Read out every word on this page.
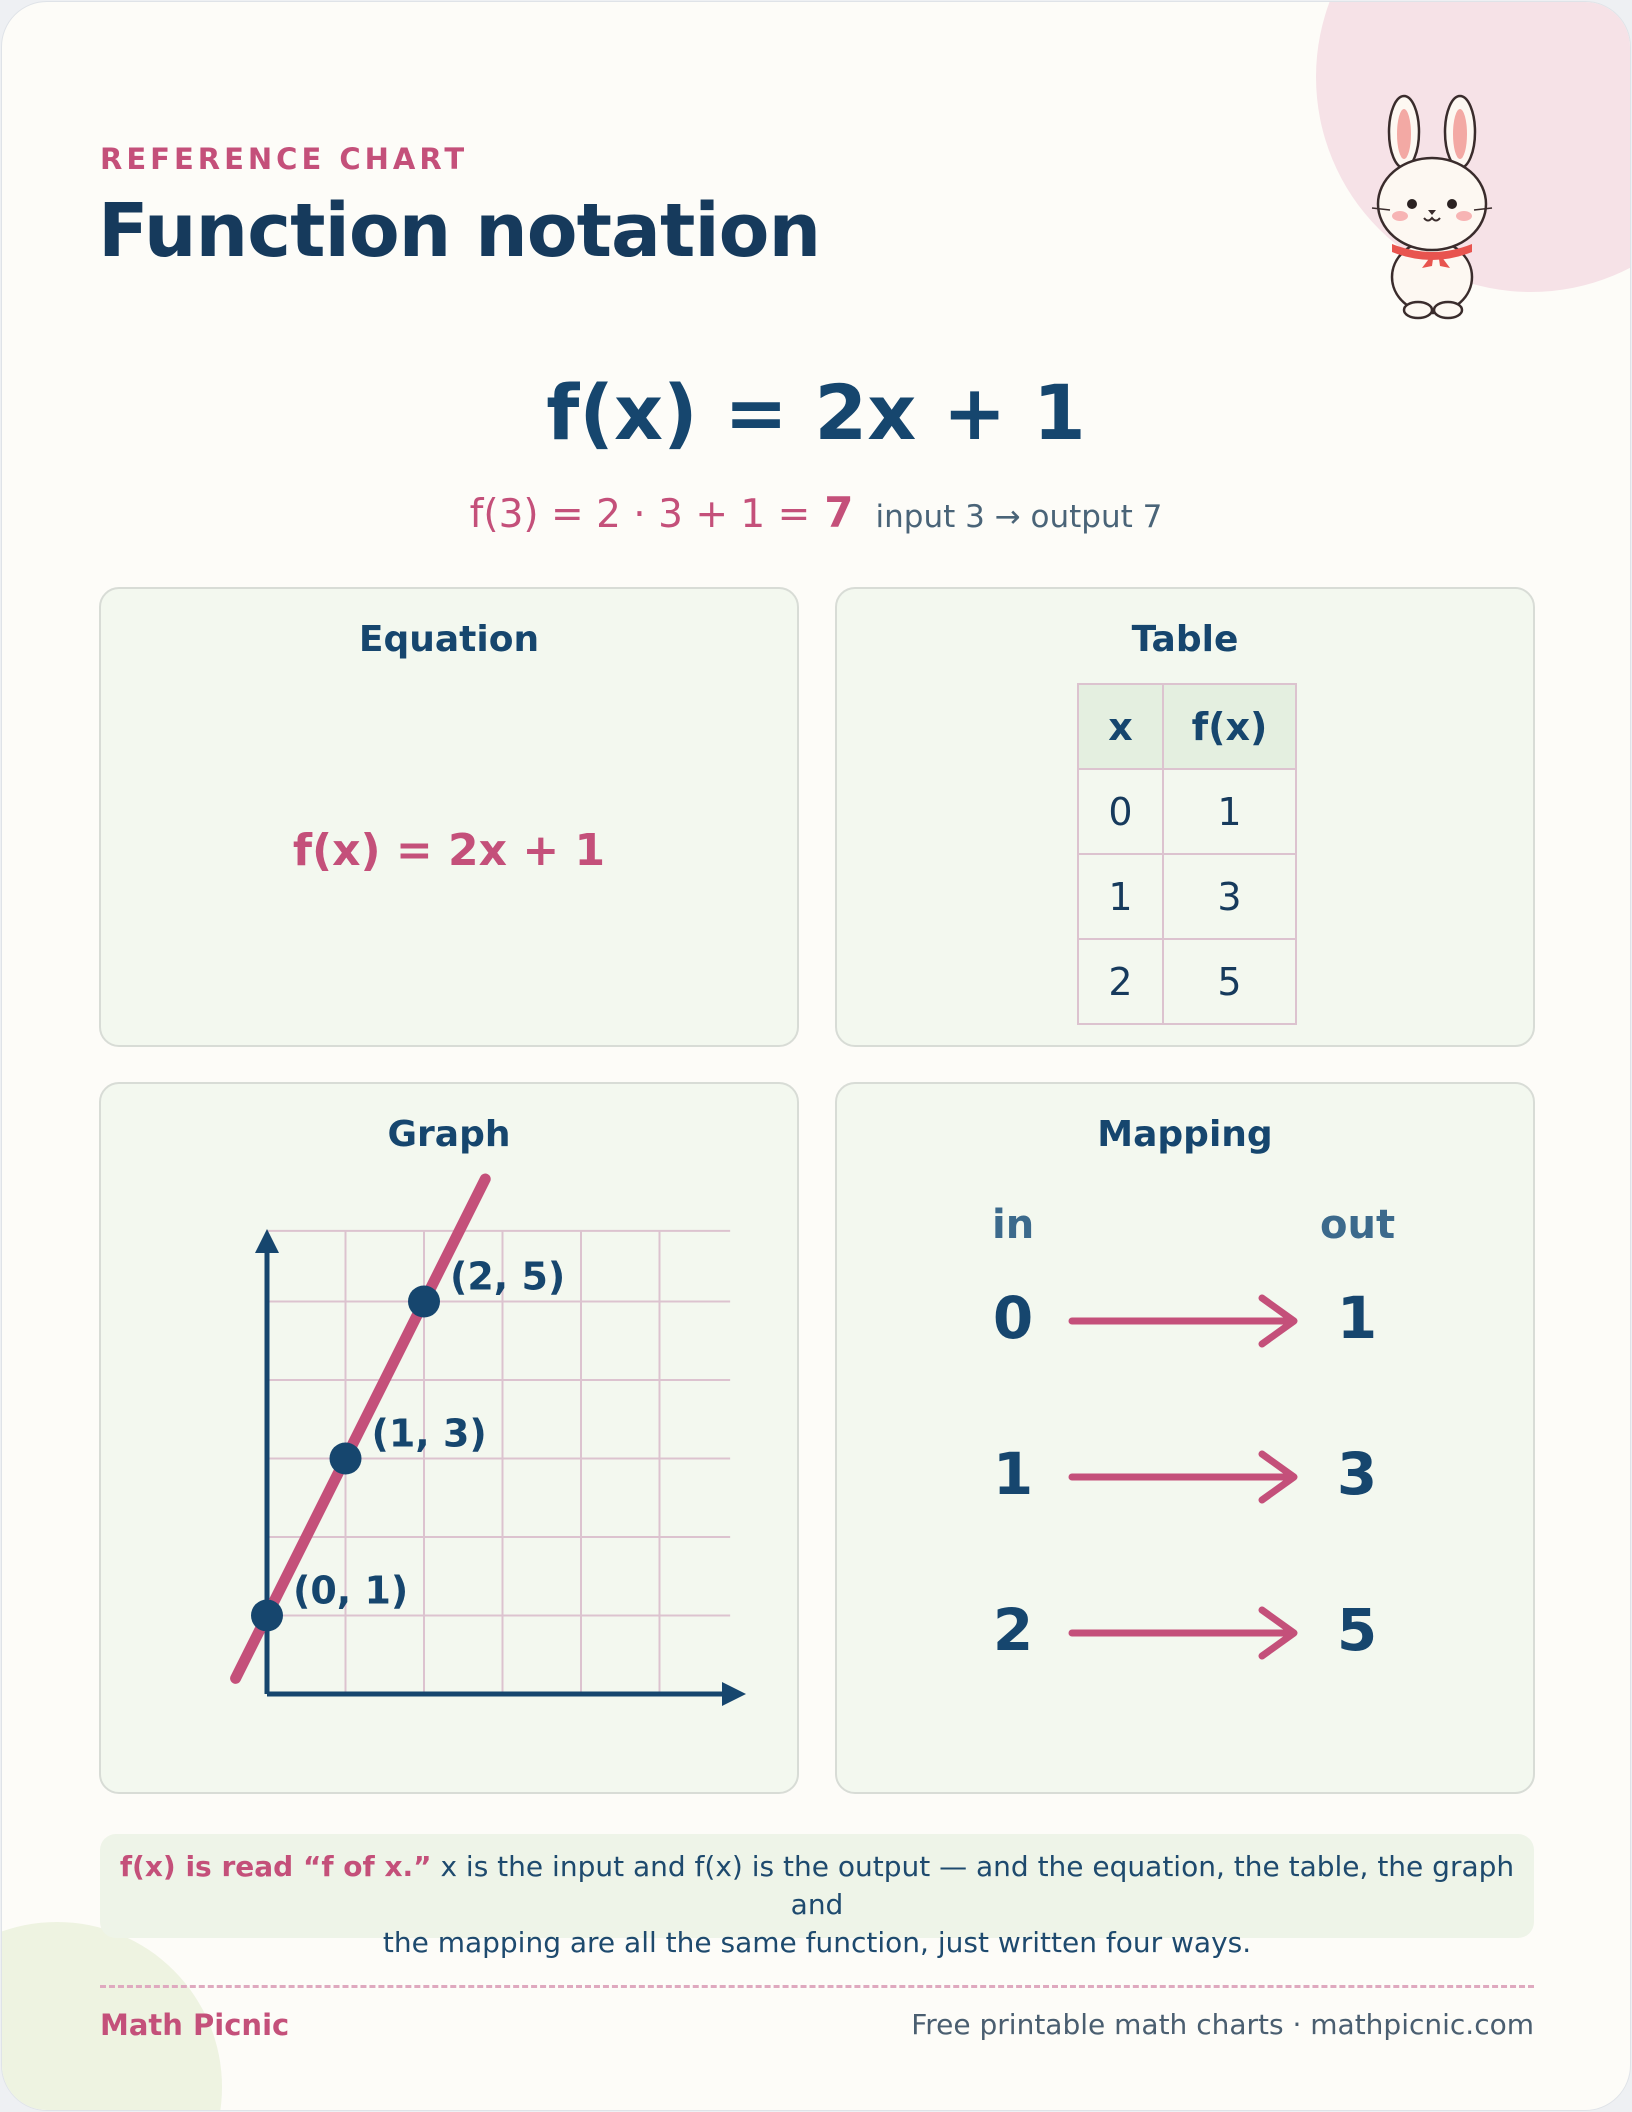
REFERENCE CHART
Function notation
f(x) = 2x + 1
f(3) = 2 · 3 + 1 = 7 input 3 → output 7
Equation
f(x) = 2x + 1
Table
x	f(x)
0	1
1	3
2	5
Graph
(0, 1)
(1, 3)
(2, 5)
Mapping
in	out
0	1
1	3
2	5
f(x) is read “f of x.” x is the input and f(x) is the output — and the equation, the table, the graph and
the mapping are all the same function, just written four ways.
Math Picnic	Free printable math charts · mathpicnic.com
